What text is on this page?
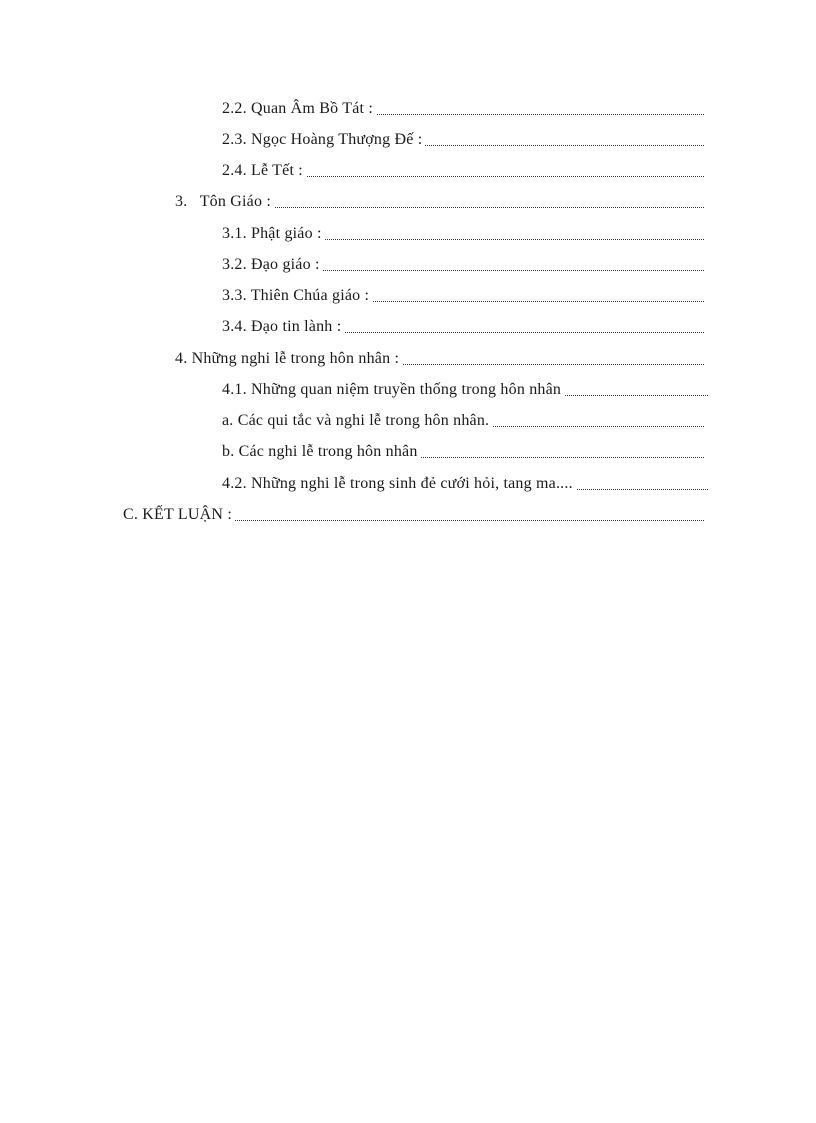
2.2. Quan Âm Bồ Tát :
2.3. Ngọc Hoàng Thượng Đế :
2.4. Lễ Tết :
3.   Tôn Giáo :
3.1. Phật giáo :
3.2. Đạo giáo :
3.3. Thiên Chúa giáo :
3.4. Đạo tin lành :
4. Những nghi lễ trong hôn nhân :
4.1. Những quan niệm truyền thống trong hôn nhân
a. Các qui tắc và nghi lễ trong hôn nhân.
b. Các nghi lễ trong hôn nhân
4.2. Những nghi lễ trong sinh đẻ cưới hỏi, tang ma....
C. KẾT LUẬN :
